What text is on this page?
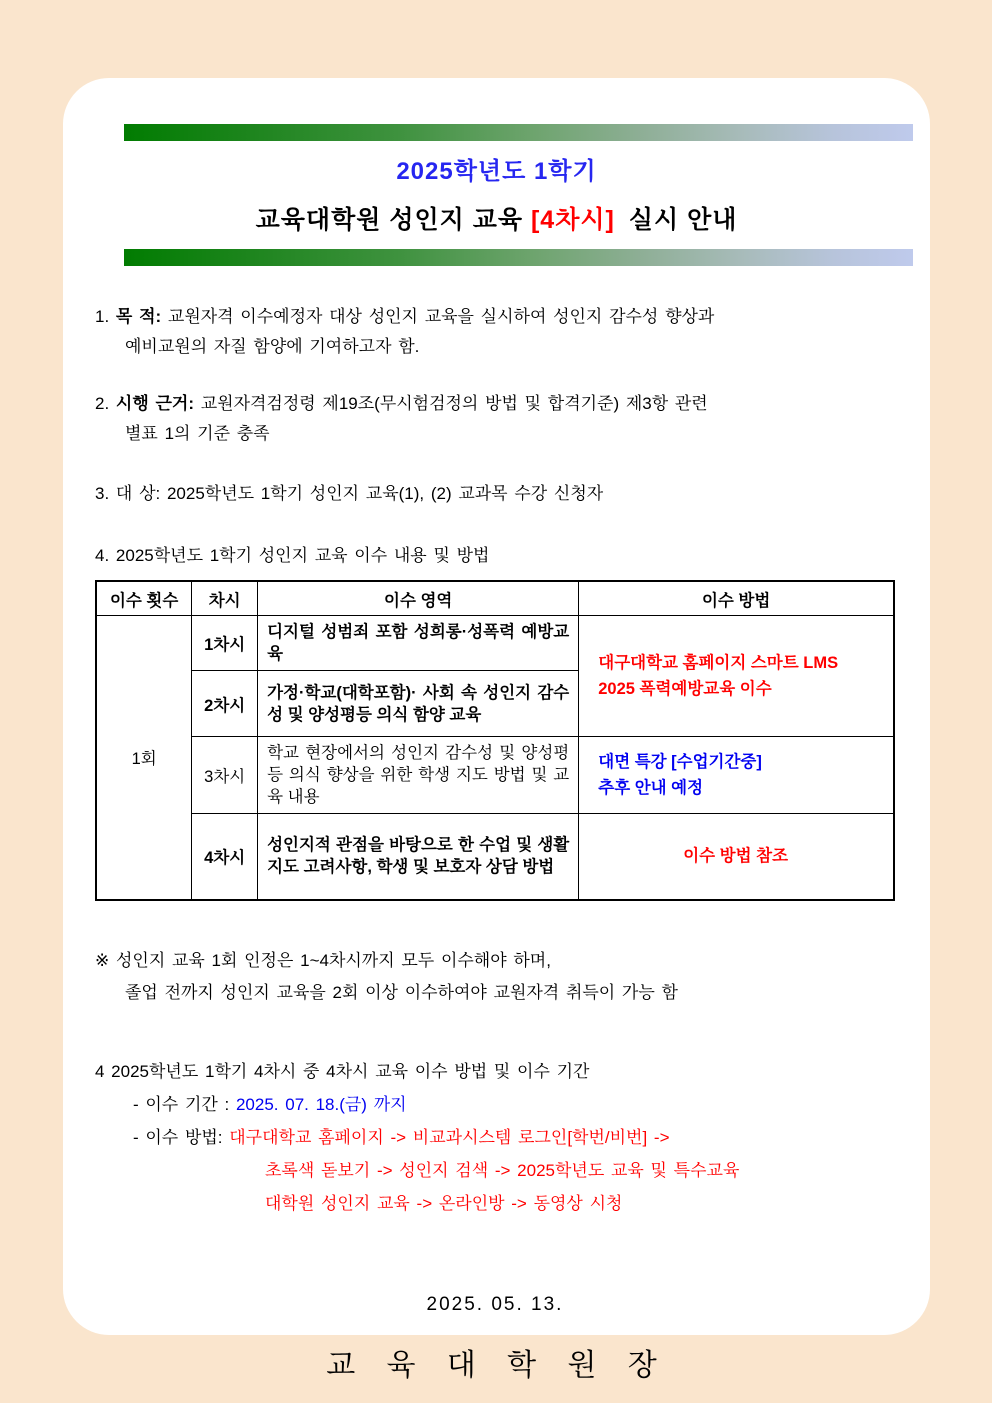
2025학년도 1학기
교육대학원 성인지 교육 [4차시] 실시 안내
1. 목 적: 교원자격 이수예정자 대상 성인지 교육을 실시하여 성인지 감수성 향상과
예비교원의 자질 함양에 기여하고자 함.
2. 시행 근거: 교원자격검정령 제19조(무시험검정의 방법 및 합격기준) 제3항 관련
별표 1의 기준 충족
3. 대 상: 2025학년도 1학기 성인지 교육(1), (2) 교과목 수강 신청자
4. 2025학년도 1학기 성인지 교육 이수 내용 및 방법
이수 횟수	차시	이수 영역	이수 방법
1회	1차시	디지털 성범죄 포함 성희롱·성폭력 예방교육	대구대학교 홈페이지 스마트 LMS
2025 폭력예방교육 이수

	2차시	가정·학교(대학포함)· 사회 속 성인지 감수성 및 양성평등 의식 함양 교육	
	3차시	학교 현장에서의 성인지 감수성 및 양성평등 의식 향상을 위한 학생 지도 방법 및 교육 내용	대면 특강 [수업기간중]
추후 안내 예정

	4차시	성인지적 관점을 바탕으로 한 수업 및 생활지도 고려사항, 학생 및 보호자 상담 방법	이수 방법 참조
※ 성인지 교육 1회 인정은 1~4차시까지 모두 이수해야 하며,
졸업 전까지 성인지 교육을 2회 이상 이수하여야 교원자격 취득이 가능 함
4 2025학년도 1학기 4차시 중 4차시 교육 이수 방법 및 이수 기간
- 이수 기간 : 2025. 07. 18.(금) 까지
- 이수 방법: 대구대학교 홈페이지 -> 비교과시스템 로그인[학번/비번] ->
초록색 돋보기 -> 성인지 검색 -> 2025학년도 교육 및 특수교육
대학원 성인지 교육 -> 온라인방 -> 동영상 시청
2025. 05. 13.
교 육 대 학 원 장
